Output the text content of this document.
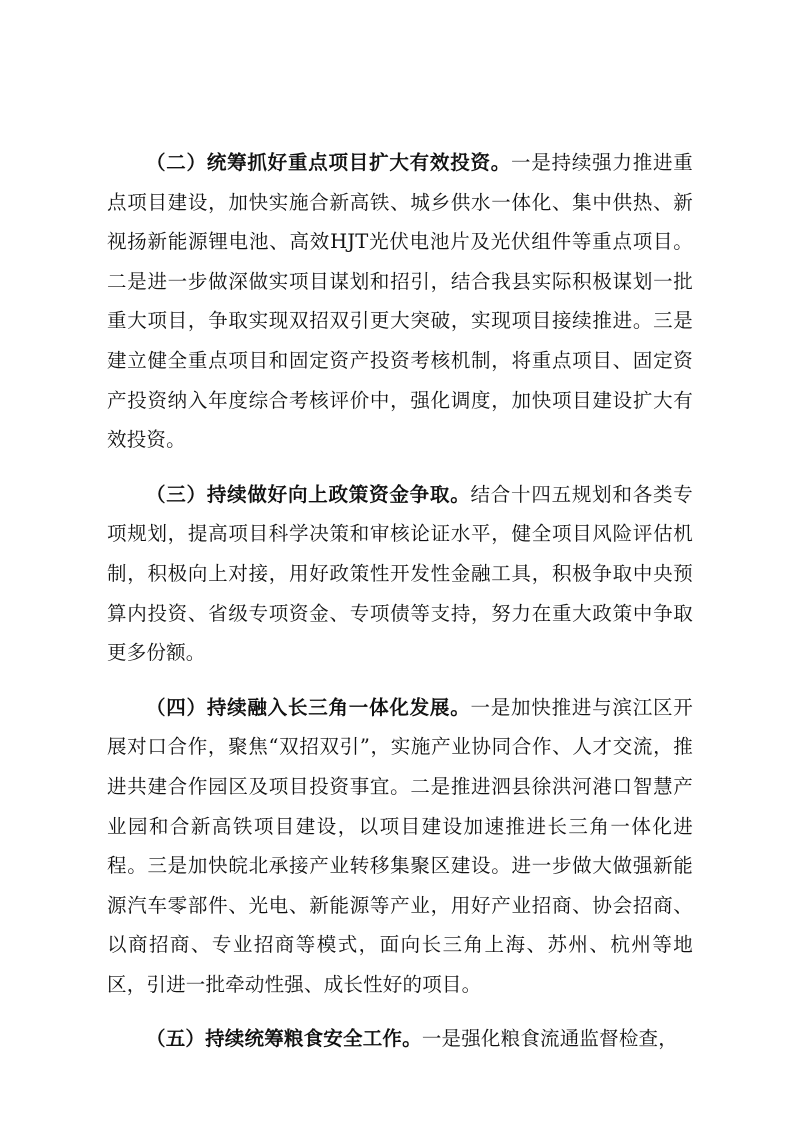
（二）统筹抓好重点项目扩大有效投资。一是持续强力推进重点项目建设，加快实施合新高铁、城乡供水一体化、集中供热、新视扬新能源锂电池、高效HJT光伏电池片及光伏组件等重点项目。二是进一步做深做实项目谋划和招引，结合我县实际积极谋划一批重大项目，争取实现双招双引更大突破，实现项目接续推进。三是建立健全重点项目和固定资产投资考核机制，将重点项目、固定资产投资纳入年度综合考核评价中，强化调度，加快项目建设扩大有效投资。

（三）持续做好向上政策资金争取。结合十四五规划和各类专项规划，提高项目科学决策和审核论证水平，健全项目风险评估机制，积极向上对接，用好政策性开发性金融工具，积极争取中央预算内投资、省级专项资金、专项债等支持，努力在重大政策中争取更多份额。

（四）持续融入长三角一体化发展。一是加快推进与滨江区开展对口合作，聚焦“双招双引”，实施产业协同合作、人才交流，推进共建合作园区及项目投资事宜。二是推进泗县徐洪河港口智慧产业园和合新高铁项目建设，以项目建设加速推进长三角一体化进程。三是加快皖北承接产业转移集聚区建设。进一步做大做强新能源汽车零部件、光电、新能源等产业，用好产业招商、协会招商、以商招商、专业招商等模式，面向长三角上海、苏州、杭州等地区，引进一批牵动性强、成长性好的项目。

（五）持续统筹粮食安全工作。一是强化粮食流通监督检查，
